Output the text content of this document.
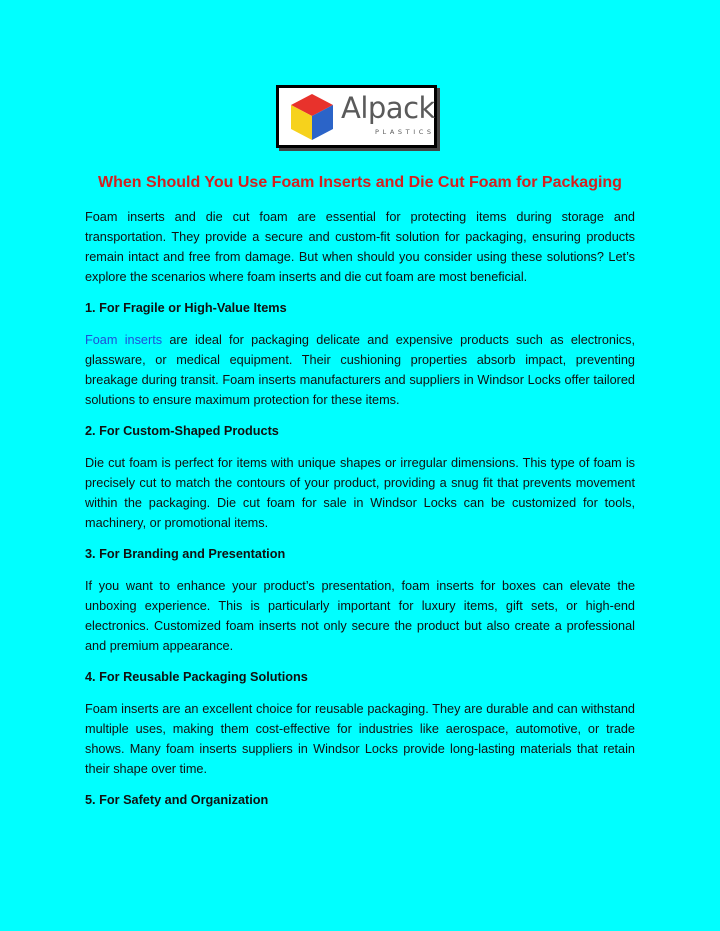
Alpack
PLASTICS
When Should You Use Foam Inserts and Die Cut Foam for Packaging

Foam inserts and die cut foam are essential for protecting items during storage and transportation. They provide a secure and custom-fit solution for packaging, ensuring products remain intact and free from damage. But when should you consider using these solutions? Let’s explore the scenarios where foam inserts and die cut foam are most beneficial.

1. For Fragile or High-Value Items

Foam inserts are ideal for packaging delicate and expensive products such as electronics, glassware, or medical equipment. Their cushioning properties absorb impact, preventing breakage during transit. Foam inserts manufacturers and suppliers in Windsor Locks offer tailored solutions to ensure maximum protection for these items.

2. For Custom-Shaped Products

Die cut foam is perfect for items with unique shapes or irregular dimensions. This type of foam is precisely cut to match the contours of your product, providing a snug fit that prevents movement within the packaging. Die cut foam for sale in Windsor Locks can be customized for tools, machinery, or promotional items.

3. For Branding and Presentation

If you want to enhance your product’s presentation, foam inserts for boxes can elevate the unboxing experience. This is particularly important for luxury items, gift sets, or high-end electronics. Customized foam inserts not only secure the product but also create a professional and premium appearance.

4. For Reusable Packaging Solutions

Foam inserts are an excellent choice for reusable packaging. They are durable and can withstand multiple uses, making them cost-effective for industries like aerospace, automotive, or trade shows. Many foam inserts suppliers in Windsor Locks provide long-lasting materials that retain their shape over time.

5. For Safety and Organization
